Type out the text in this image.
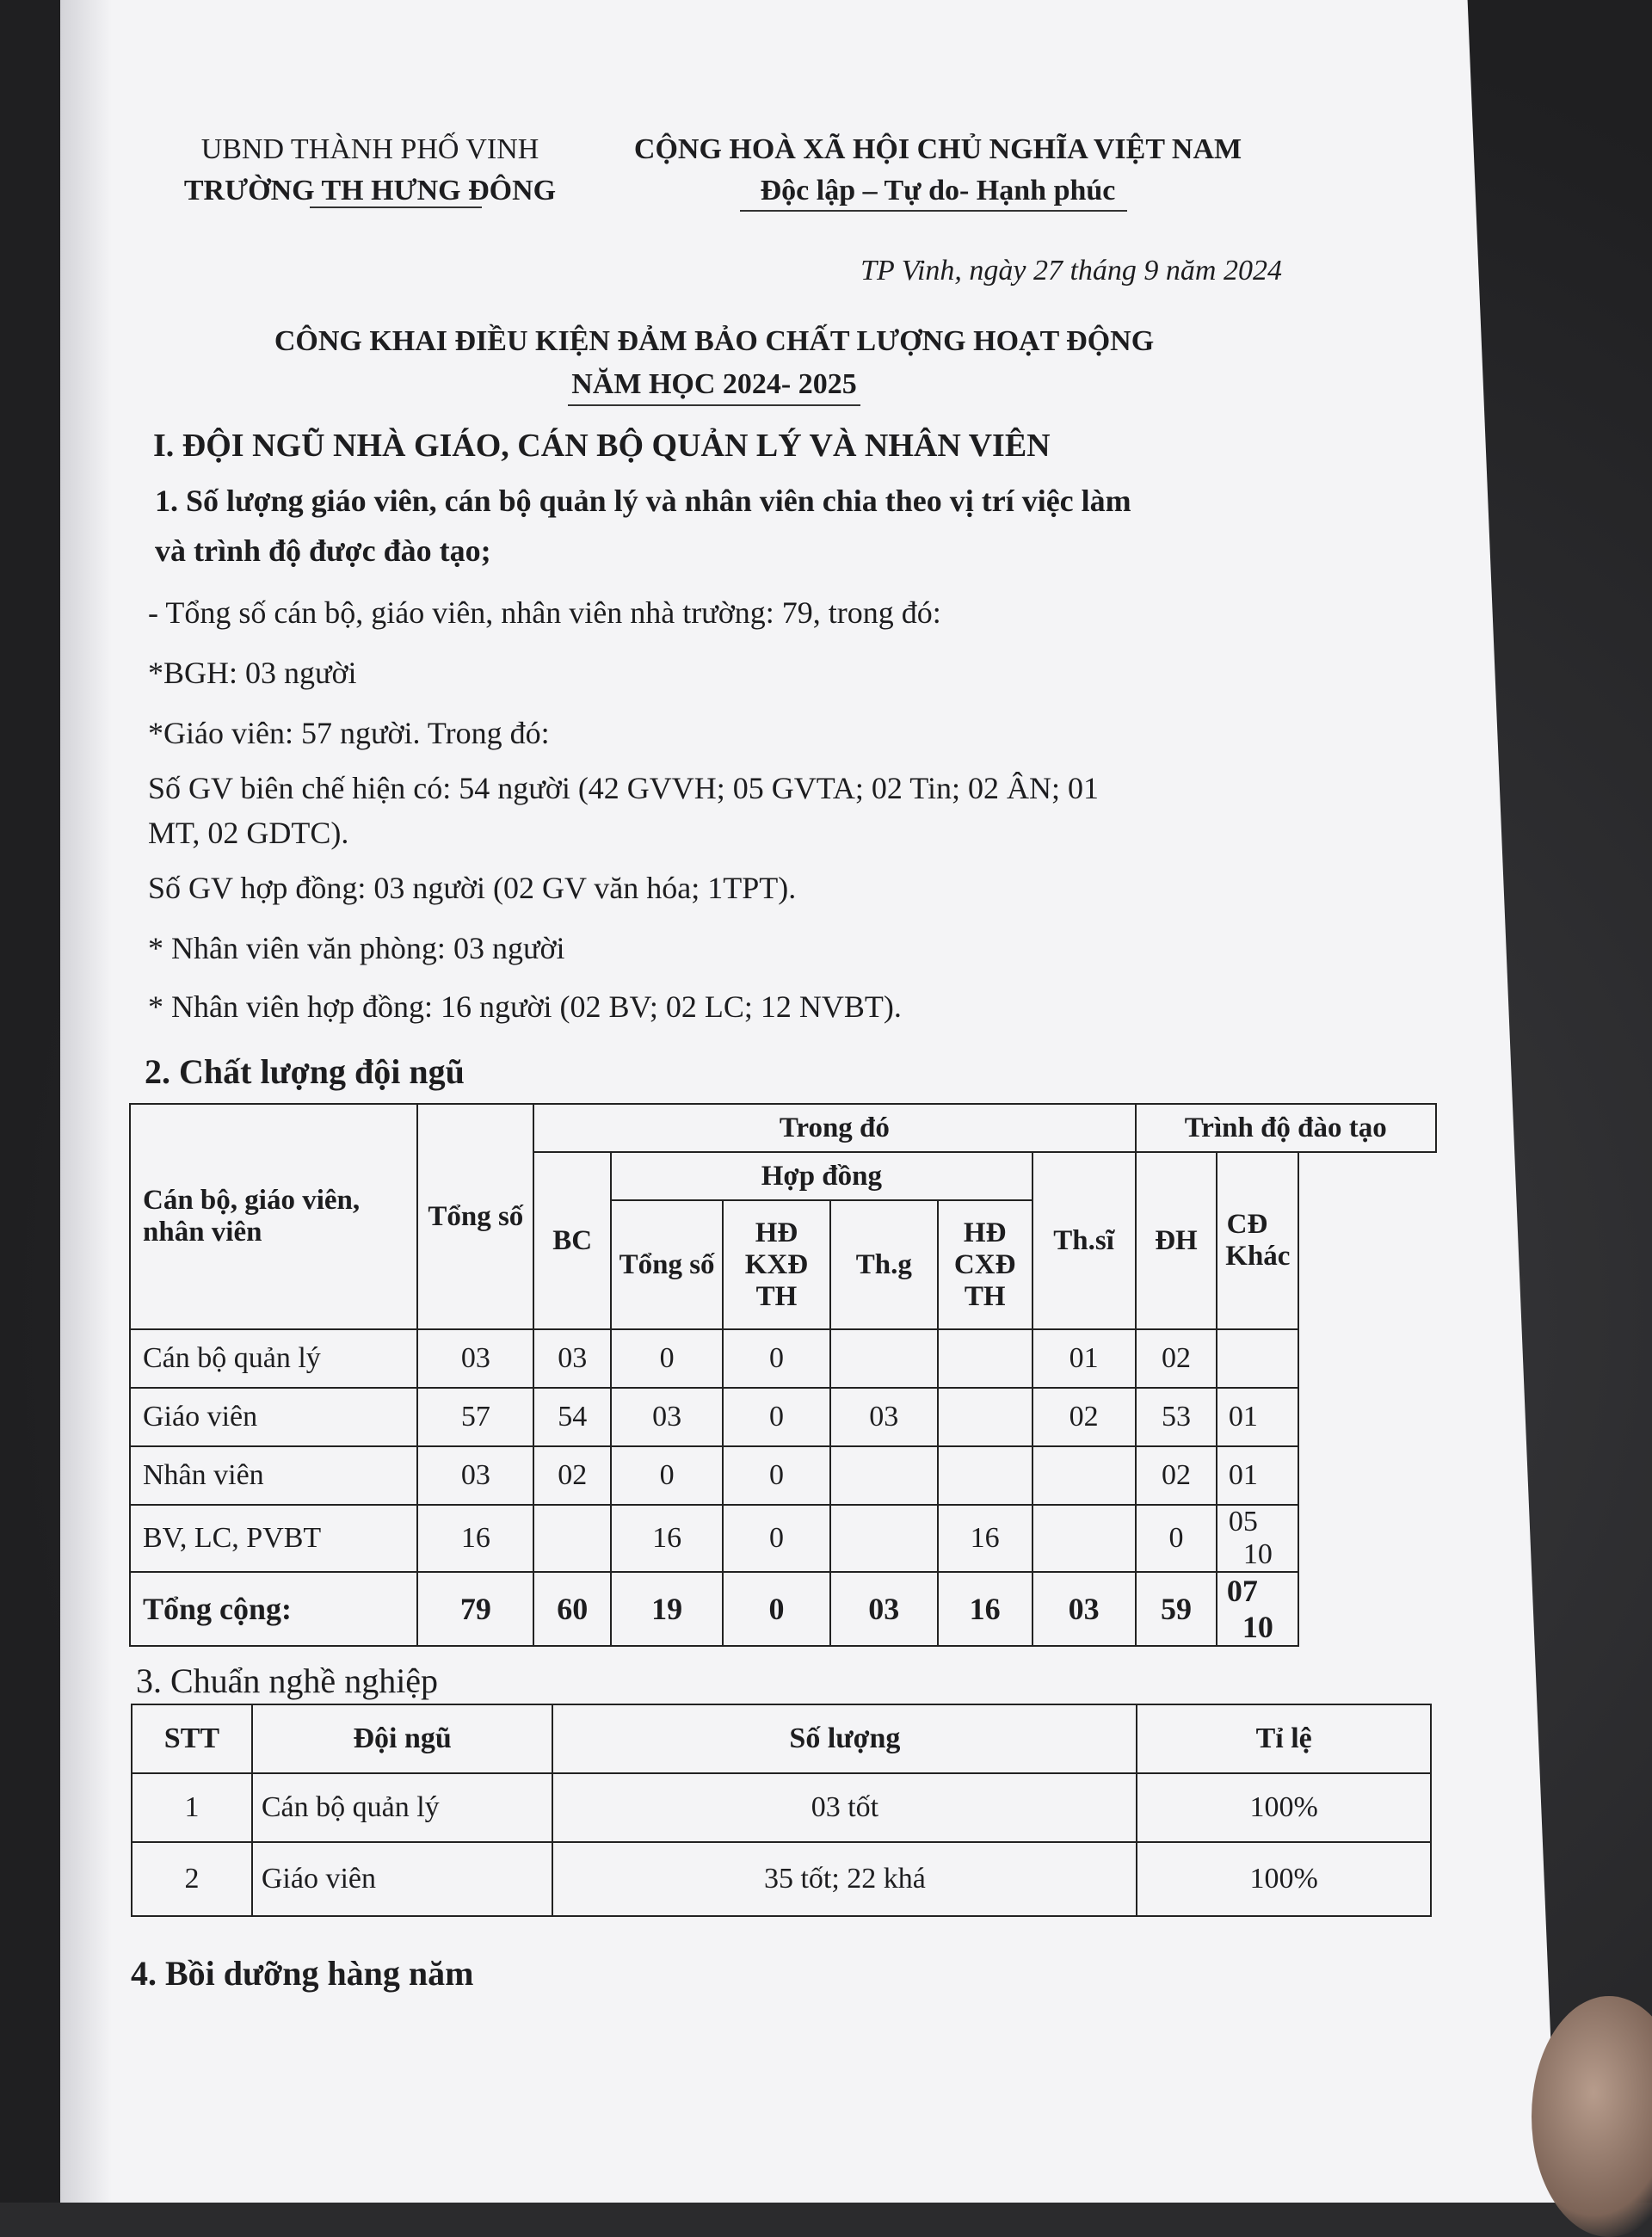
UBND THÀNH PHỐ VINH
TRƯỜNG TH HƯNG ĐÔNG
CỘNG HOÀ XÃ HỘI CHỦ NGHĨA VIỆT NAM
Độc lập – Tự do- Hạnh phúc
TP Vinh, ngày 27 tháng 9 năm 2024
CÔNG KHAI ĐIỀU KIỆN ĐẢM BẢO CHẤT LƯỢNG HOẠT ĐỘNG
NĂM HỌC 2024- 2025
I. ĐỘI NGŨ NHÀ GIÁO, CÁN BỘ QUẢN LÝ VÀ NHÂN VIÊN
1. Số lượng giáo viên, cán bộ quản lý và nhân viên chia theo vị trí việc làm
và trình độ được đào tạo;
- Tổng số cán bộ, giáo viên, nhân viên nhà trường: 79, trong đó:
*BGH: 03 người
*Giáo viên: 57 người. Trong đó:
Số GV biên chế hiện có: 54 người (42 GVVH; 05 GVTA; 02 Tin; 02 ÂN; 01
MT, 02 GDTC).
Số GV hợp đồng: 03 người (02 GV văn hóa; 1TPT).
* Nhân viên văn phòng: 03 người
* Nhân viên hợp đồng: 16 người (02 BV; 02 LC; 12 NVBT).
2. Chất lượng đội ngũ
Cán bộ, giáo viên, nhân viên	Tổng số	Trong đó						Trình độ đào tạo	
		BC	Hợp đồng				Th.sĩ	ĐH	CĐ    Khác
			Tổng số	HĐ KXĐ TH	Th.g	HĐ CXĐ TH			
Cán bộ quản lý	03	03	0	0			01	02	
Giáo viên	57	54	03	0	03		02	53	01
Nhân viên	03	02	0	0				02	01
BV, LC, PVBT	16		16	0		16		0	05     10
Tổng cộng:	79	60	19	0	03	16	03	59	07     10
3. Chuẩn nghề nghiệp
STT	Đội ngũ	Số lượng	Tỉ lệ
1	Cán bộ quản lý	03 tốt	100%
2	Giáo viên	35 tốt; 22 khá	100%
4. Bồi dưỡng hàng năm
